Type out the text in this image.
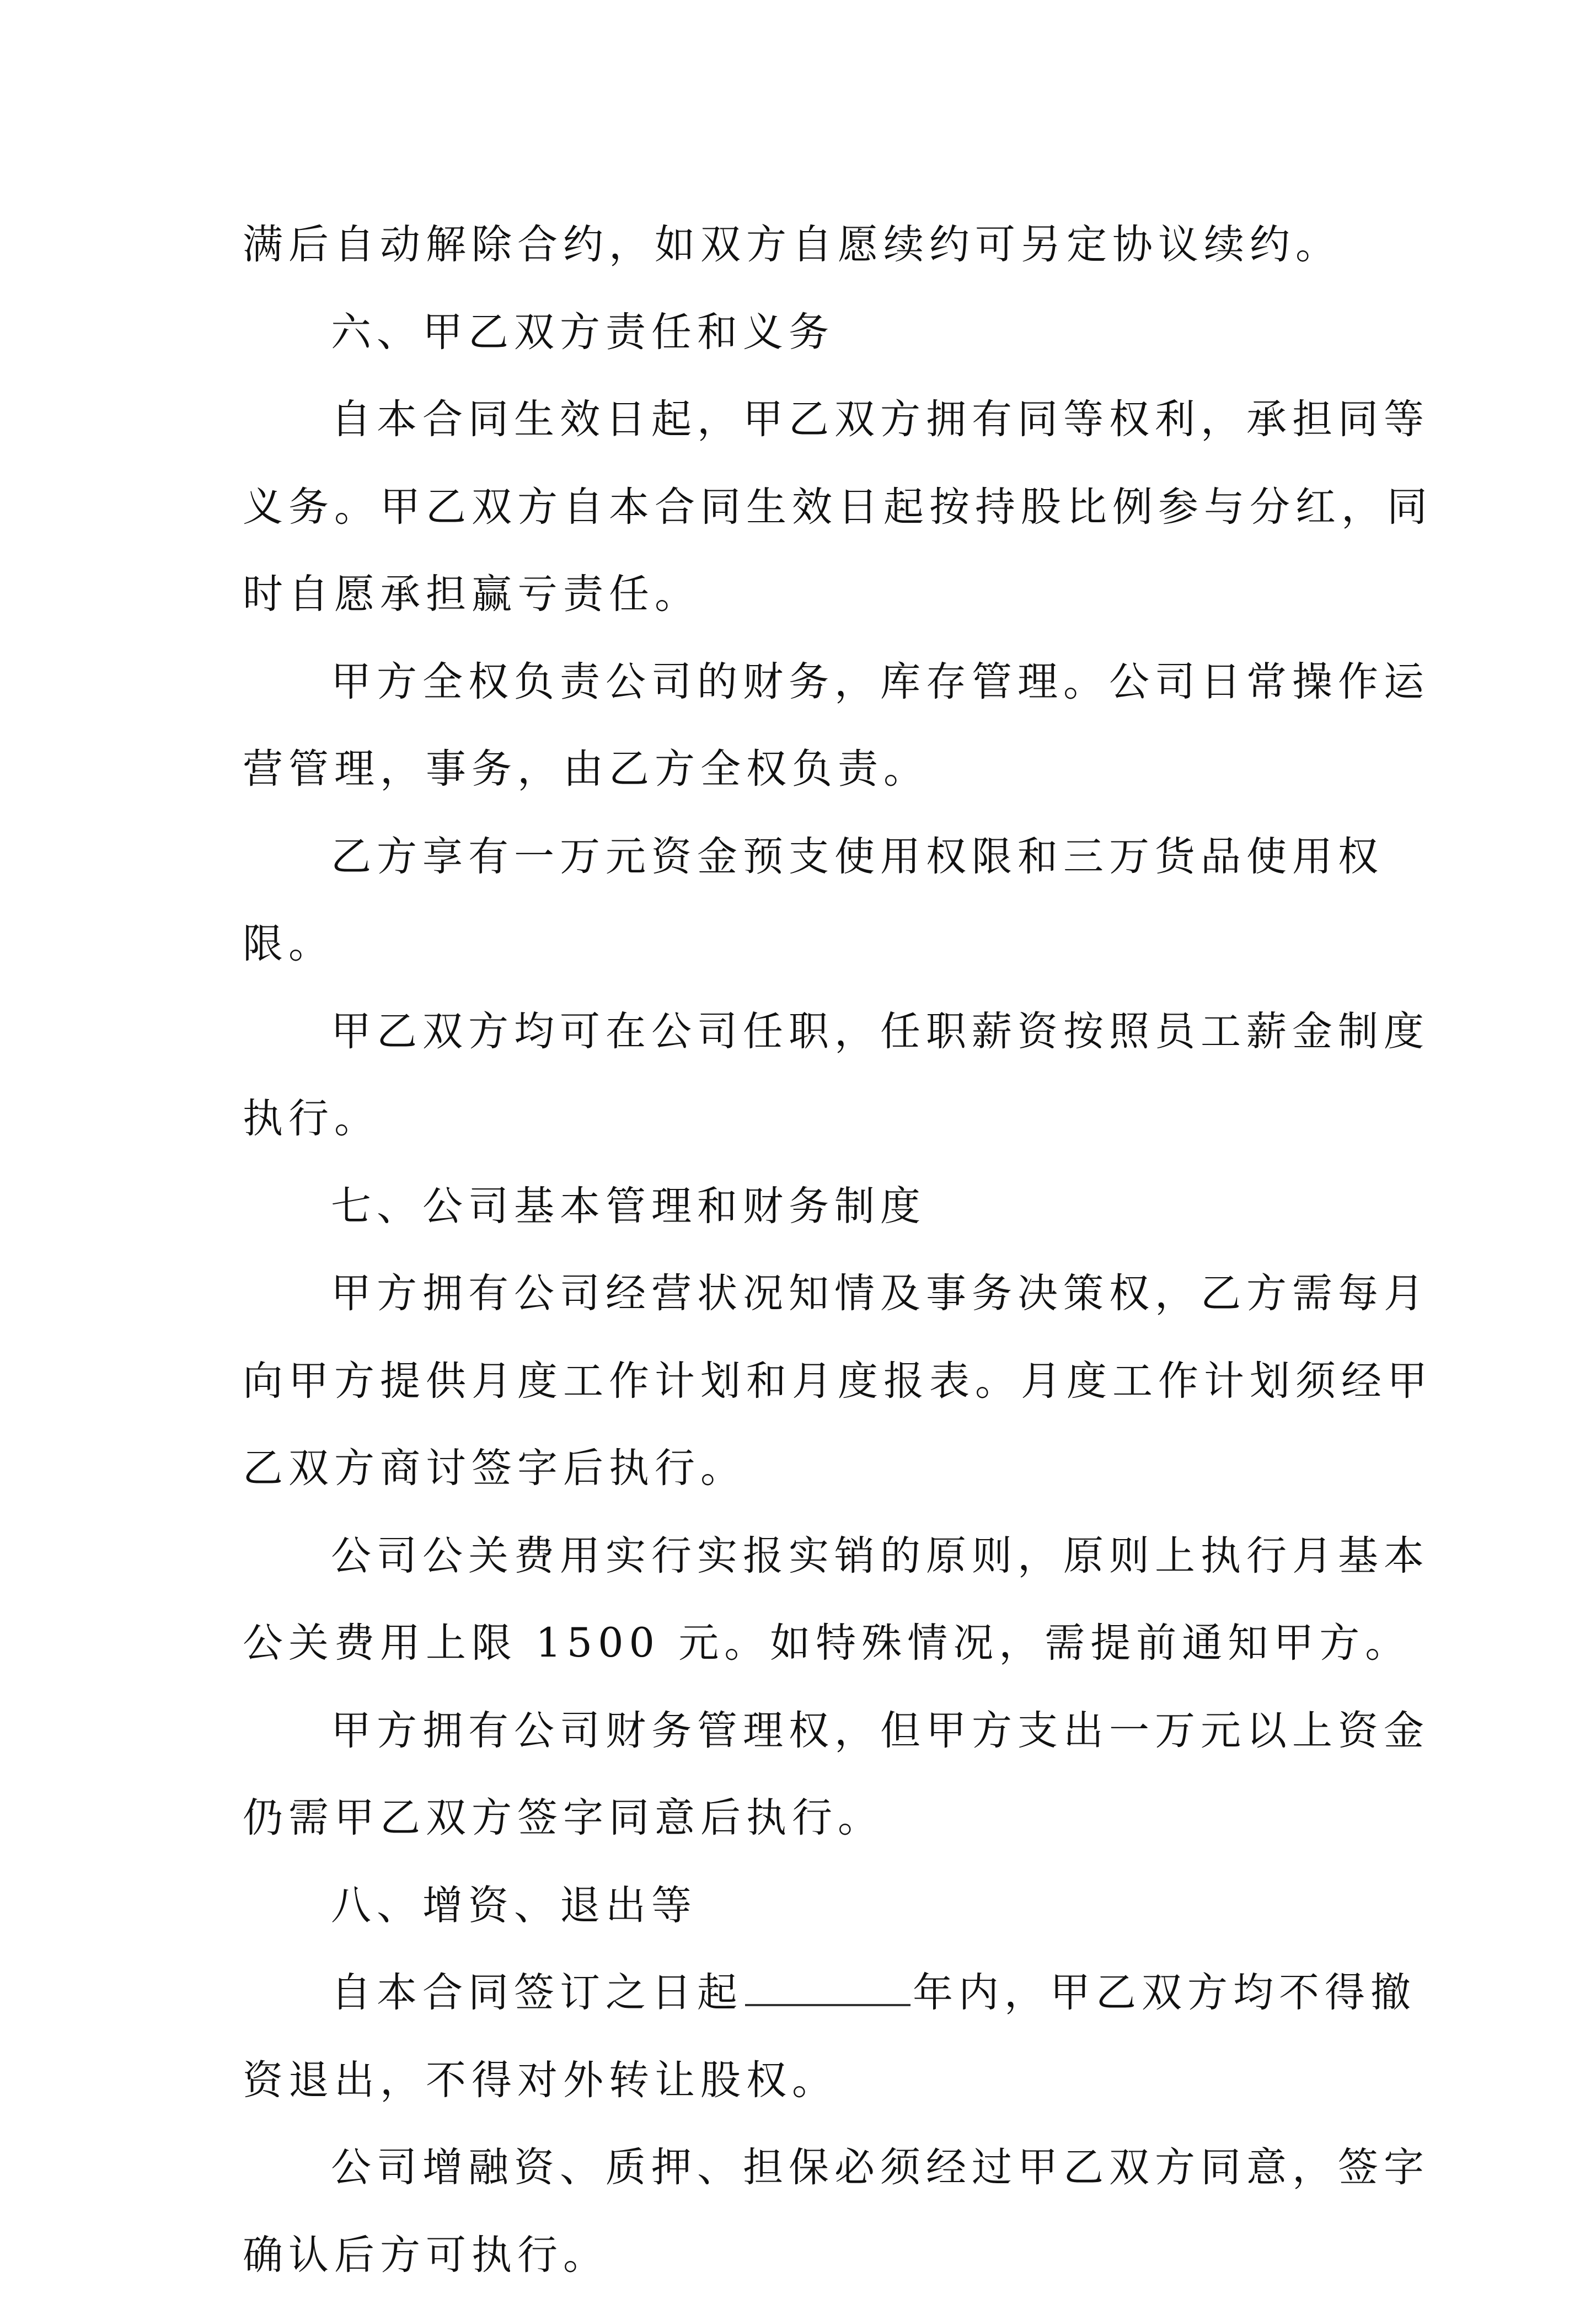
满后自动解除合约，如双方自愿续约可另定协议续约。
六、甲乙双方责任和义务
自本合同生效日起，甲乙双方拥有同等权利，承担同等
义务。甲乙双方自本合同生效日起按持股比例参与分红，同
时自愿承担赢亏责任。
甲方全权负责公司的财务，库存管理。公司日常操作运
营管理，事务，由乙方全权负责。
乙方享有一万元资金预支使用权限和三万货品使用权
限。
甲乙双方均可在公司任职，任职薪资按照员工薪金制度
执行。
七、公司基本管理和财务制度
甲方拥有公司经营状况知情及事务决策权，乙方需每月
向甲方提供月度工作计划和月度报表。月度工作计划须经甲
乙双方商讨签字后执行。
公司公关费用实行实报实销的原则，原则上执行月基本
公关费用上限 1500 元。如特殊情况，需提前通知甲方。
甲方拥有公司财务管理权，但甲方支出一万元以上资金
仍需甲乙双方签字同意后执行。
八、增资、退出等
自本合同签订之日起	年内，甲乙双方均不得撤
资退出，不得对外转让股权。
公司增融资、质押、担保必须经过甲乙双方同意，签字
确认后方可执行。
